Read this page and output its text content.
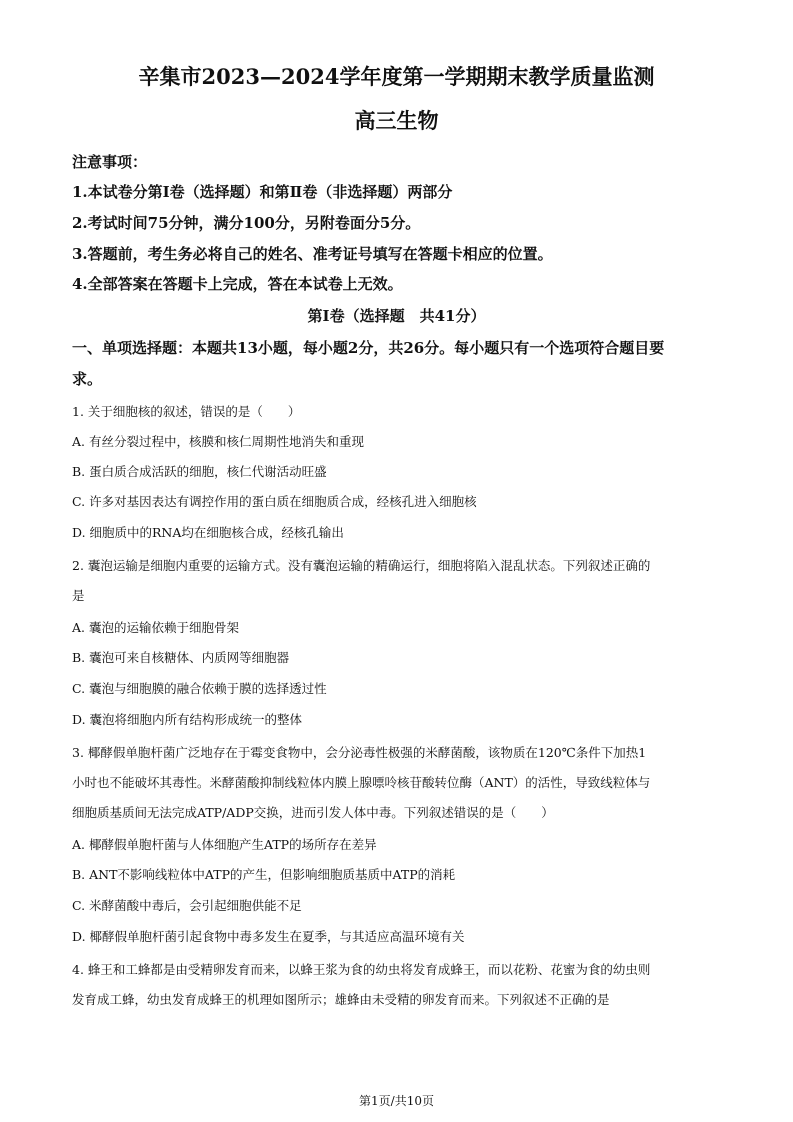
辛集市2023—2024学年度第一学期期末教学质量监测
高三生物
注意事项：
1.本试卷分第Ⅰ卷（选择题）和第Ⅱ卷（非选择题）两部分
2.考试时间75分钟，满分100分，另附卷面分5分。
3.答题前，考生务必将自己的姓名、准考证号填写在答题卡相应的位置。
4.全部答案在答题卡上完成，答在本试卷上无效。
第Ⅰ卷（选择题　共41分）
一、单项选择题：本题共13小题，每小题2分，共26分。每小题只有一个选项符合题目要
求。
1. 关于细胞核的叙述，错误的是（　　）
A. 有丝分裂过程中，核膜和核仁周期性地消失和重现
B. 蛋白质合成活跃的细胞，核仁代谢活动旺盛
C. 许多对基因表达有调控作用的蛋白质在细胞质合成，经核孔进入细胞核
D. 细胞质中的RNA均在细胞核合成，经核孔输出
2. 囊泡运输是细胞内重要的运输方式。没有囊泡运输的精确运行，细胞将陷入混乱状态。下列叙述正确的
是
A. 囊泡的运输依赖于细胞骨架
B. 囊泡可来自核糖体、内质网等细胞器
C. 囊泡与细胞膜的融合依赖于膜的选择透过性
D. 囊泡将细胞内所有结构形成统一的整体
3. 椰酵假单胞杆菌广泛地存在于霉变食物中，会分泌毒性极强的米酵菌酸，该物质在120℃条件下加热1
小时也不能破坏其毒性。米酵菌酸抑制线粒体内膜上腺嘌呤核苷酸转位酶（ANT）的活性，导致线粒体与
细胞质基质间无法完成ATP/ADP交换，进而引发人体中毒。下列叙述错误的是（　　）
A. 椰酵假单胞杆菌与人体细胞产生ATP的场所存在差异
B. ANT不影响线粒体中ATP的产生，但影响细胞质基质中ATP的消耗
C. 米酵菌酸中毒后，会引起细胞供能不足
D. 椰酵假单胞杆菌引起食物中毒多发生在夏季，与其适应高温环境有关
4. 蜂王和工蜂都是由受精卵发育而来，以蜂王浆为食的幼虫将发育成蜂王，而以花粉、花蜜为食的幼虫则
发育成工蜂，幼虫发育成蜂王的机理如图所示；雄蜂由未受精的卵发育而来。下列叙述不正确的是
第1页/共10页
